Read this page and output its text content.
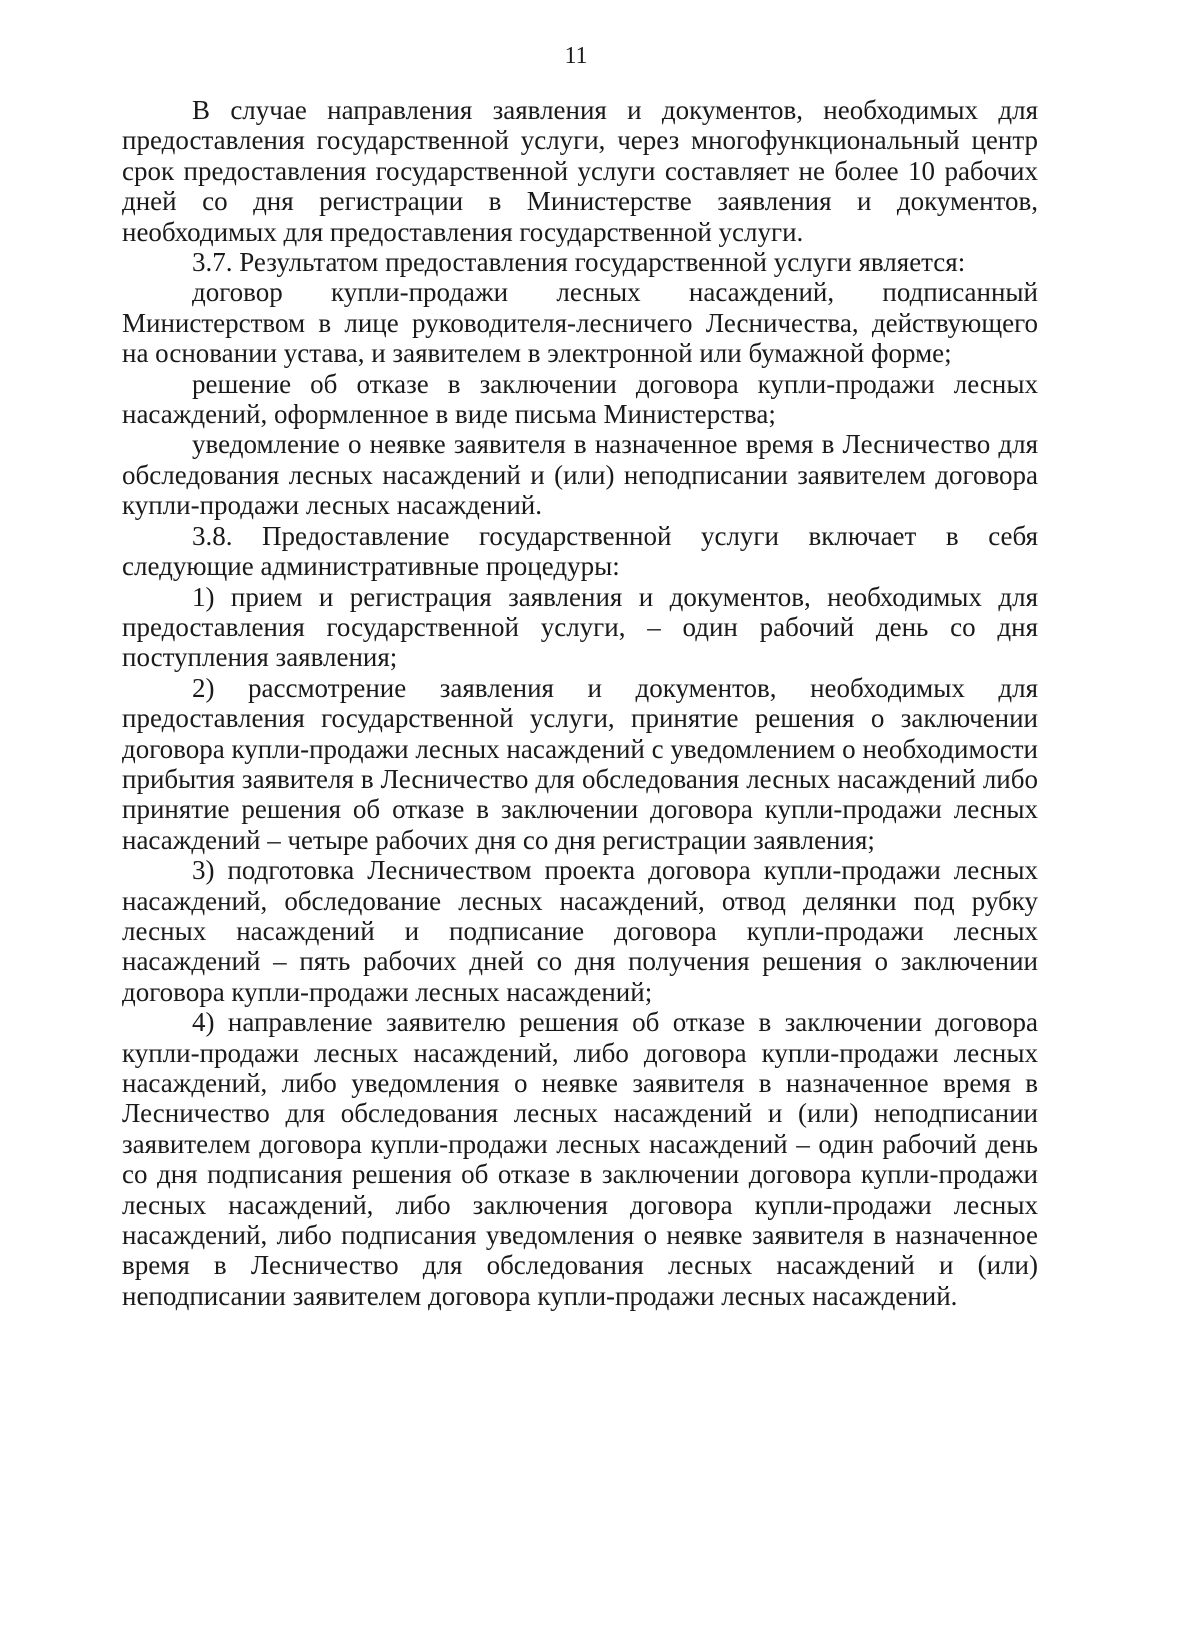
11

В случае направления заявления и документов, необходимых для предоставления государственной услуги, через многофункциональный центр срок предоставления государственной услуги составляет не более 10 рабочих дней со дня регистрации в Министерстве заявления и документов, необходимых для предоставления государственной услуги.

3.7. Результатом предоставления государственной услуги является:

договор купли-продажи лесных насаждений, подписанный Министерством в лице руководителя-лесничего Лесничества, действующего на основании устава, и заявителем в электронной или бумажной форме;

решение об отказе в заключении договора купли-продажи лесных насаждений, оформленное в виде письма Министерства;

уведомление о неявке заявителя в назначенное время в Лесничество для обследования лесных насаждений и (или) неподписании заявителем договора купли-продажи лесных насаждений.

3.8. Предоставление государственной услуги включает в себя следующие административные процедуры:

1) прием и регистрация заявления и документов, необходимых для предоставления государственной услуги, – один рабочий день со дня поступления заявления;

2) рассмотрение заявления и документов, необходимых для предоставления государственной услуги, принятие решения о заключении договора купли-продажи лесных насаждений с уведомлением о необходимости прибытия заявителя в Лесничество для обследования лесных насаждений либо принятие решения об отказе в заключении договора купли-продажи лесных насаждений – четыре рабочих дня со дня регистрации заявления;

3) подготовка Лесничеством проекта договора купли-продажи лесных насаждений, обследование лесных насаждений, отвод делянки под рубку лесных насаждений и подписание договора купли-продажи лесных насаждений – пять рабочих дней со дня получения решения о заключении договора купли-продажи лесных насаждений;

4) направление заявителю решения об отказе в заключении договора купли-продажи лесных насаждений, либо договора купли-продажи лесных насаждений, либо уведомления о неявке заявителя в назначенное время в Лесничество для обследования лесных насаждений и (или) неподписании заявителем договора купли-продажи лесных насаждений – один рабочий день со дня подписания решения об отказе в заключении договора купли-продажи лесных насаждений, либо заключения договора купли-продажи лесных насаждений, либо подписания уведомления о неявке заявителя в назначенное время в Лесничество для обследования лесных насаждений и (или) неподписании заявителем договора купли-продажи лесных насаждений.
